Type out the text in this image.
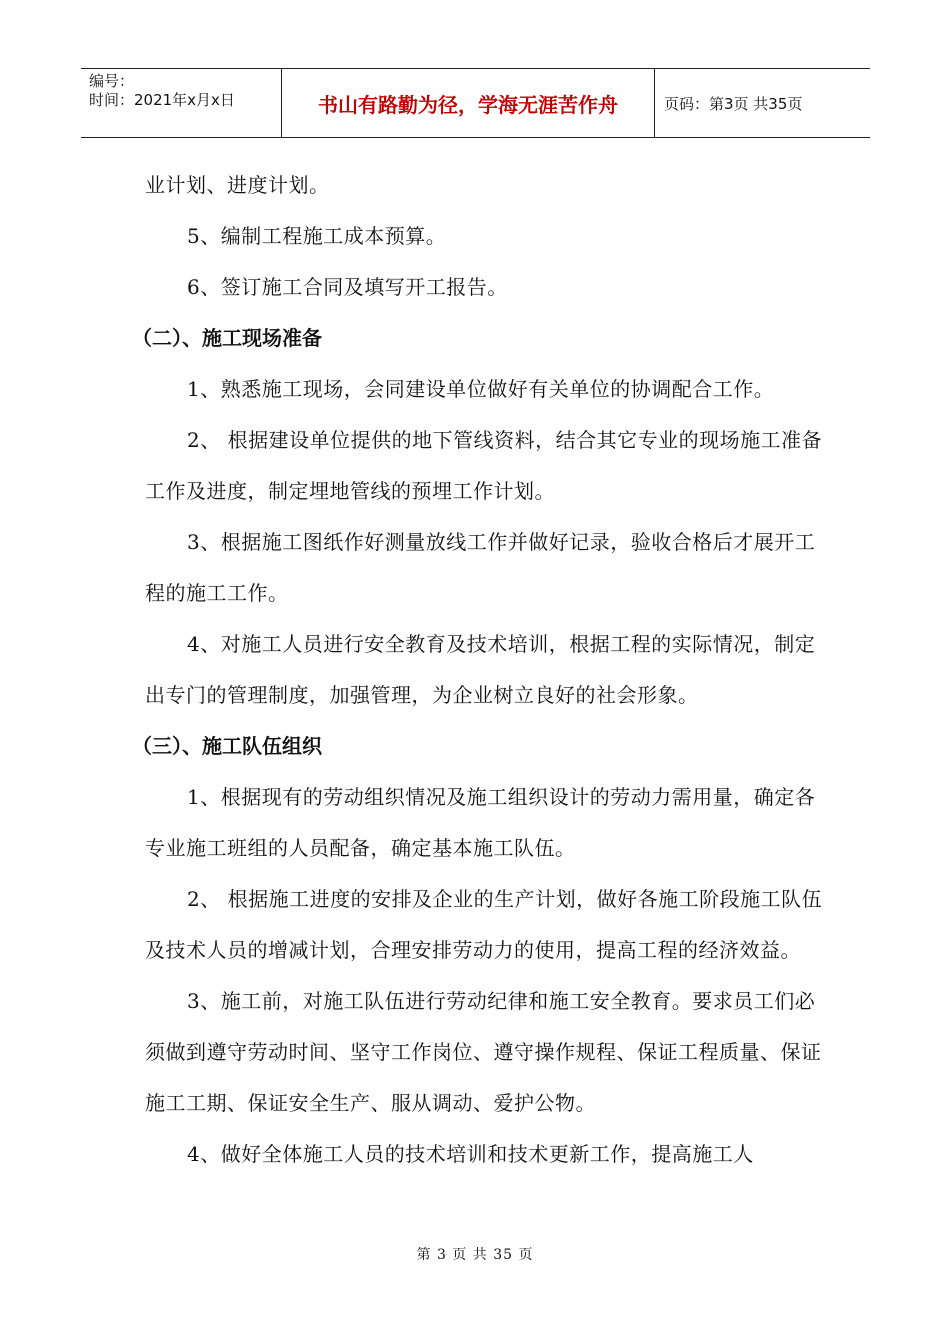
编号：
时间：2021年x月x日	书山有路勤为径，学海无涯苦作舟	页码：第3页 共35页

业计划、进度计划。

5、编制工程施工成本预算。

6、签订施工合同及填写开工报告。

（二）、施工现场准备

1、熟悉施工现场，会同建设单位做好有关单位的协调配合工作。

2、 根据建设单位提供的地下管线资料，结合其它专业的现场施工准备工作及进度，制定埋地管线的预埋工作计划。

3、根据施工图纸作好测量放线工作并做好记录，验收合格后才展开工程的施工工作。

4、对施工人员进行安全教育及技术培训，根据工程的实际情况，制定出专门的管理制度，加强管理，为企业树立良好的社会形象。

（三）、施工队伍组织

1、根据现有的劳动组织情况及施工组织设计的劳动力需用量，确定各专业施工班组的人员配备，确定基本施工队伍。

2、 根据施工进度的安排及企业的生产计划，做好各施工阶段施工队伍及技术人员的增减计划，合理安排劳动力的使用，提高工程的经济效益。

3、施工前，对施工队伍进行劳动纪律和施工安全教育。要求员工们必须做到遵守劳动时间、坚守工作岗位、遵守操作规程、保证工程质量、保证施工工期、保证安全生产、服从调动、爱护公物。

4、做好全体施工人员的技术培训和技术更新工作，提高施工人

第 3 页 共 35 页
